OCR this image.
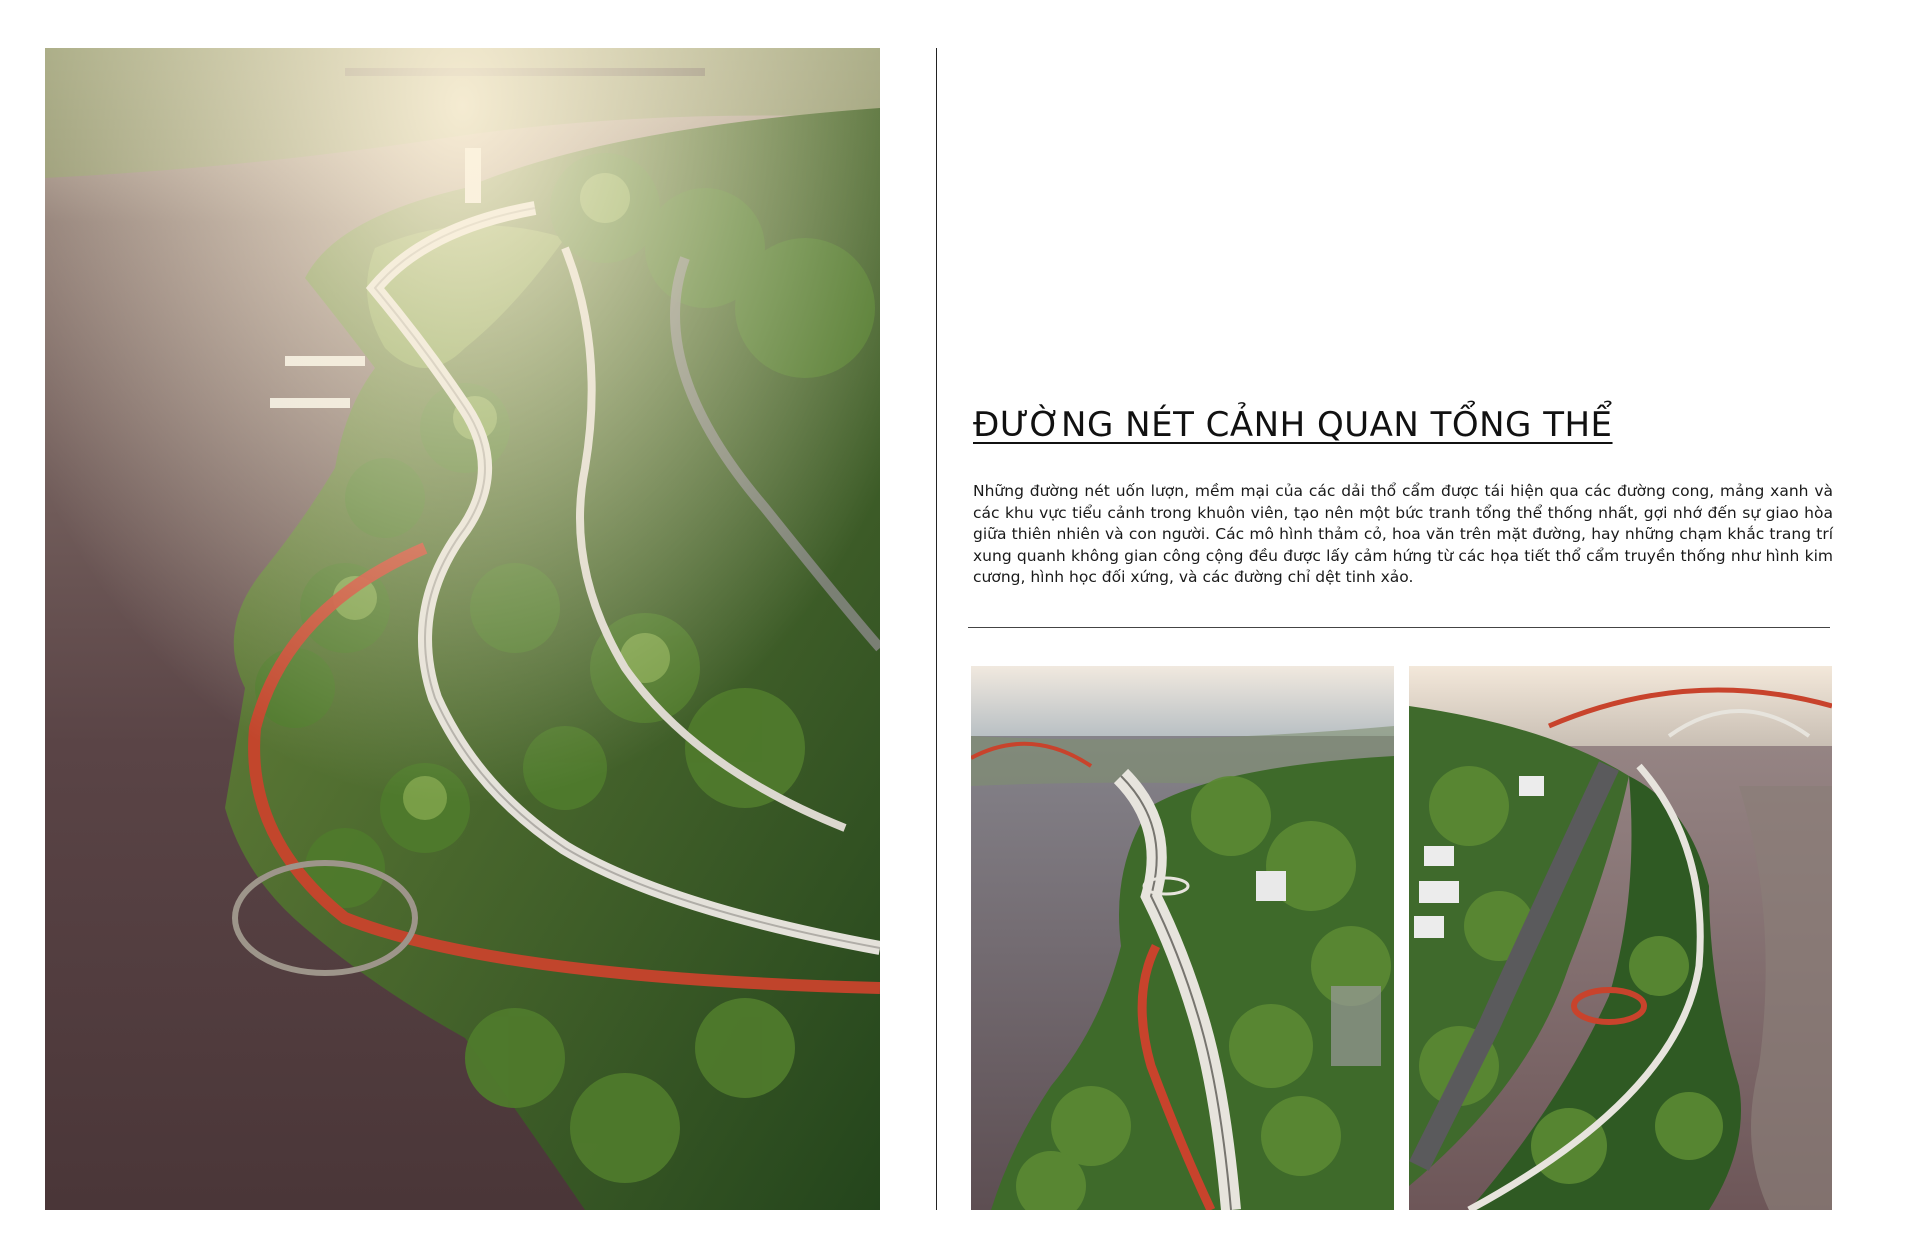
ĐƯỜNG NÉT CẢNH QUAN TỔNG THỂ

Những đường nét uốn lượn, mềm mại của các dải thổ cẩm được tái hiện qua các đường cong, mảng xanh và các khu vực tiểu cảnh trong khuôn viên, tạo nên một bức tranh tổng thể thống nhất, gợi nhớ đến sự giao hòa giữa thiên nhiên và con người. Các mô hình thảm cỏ, hoa văn trên mặt đường, hay những chạm khắc trang trí xung quanh không gian công cộng đều được lấy cảm hứng từ các họa tiết thổ cẩm truyền thống như hình kim cương, hình học đối xứng, và các đường chỉ dệt tinh xảo.
